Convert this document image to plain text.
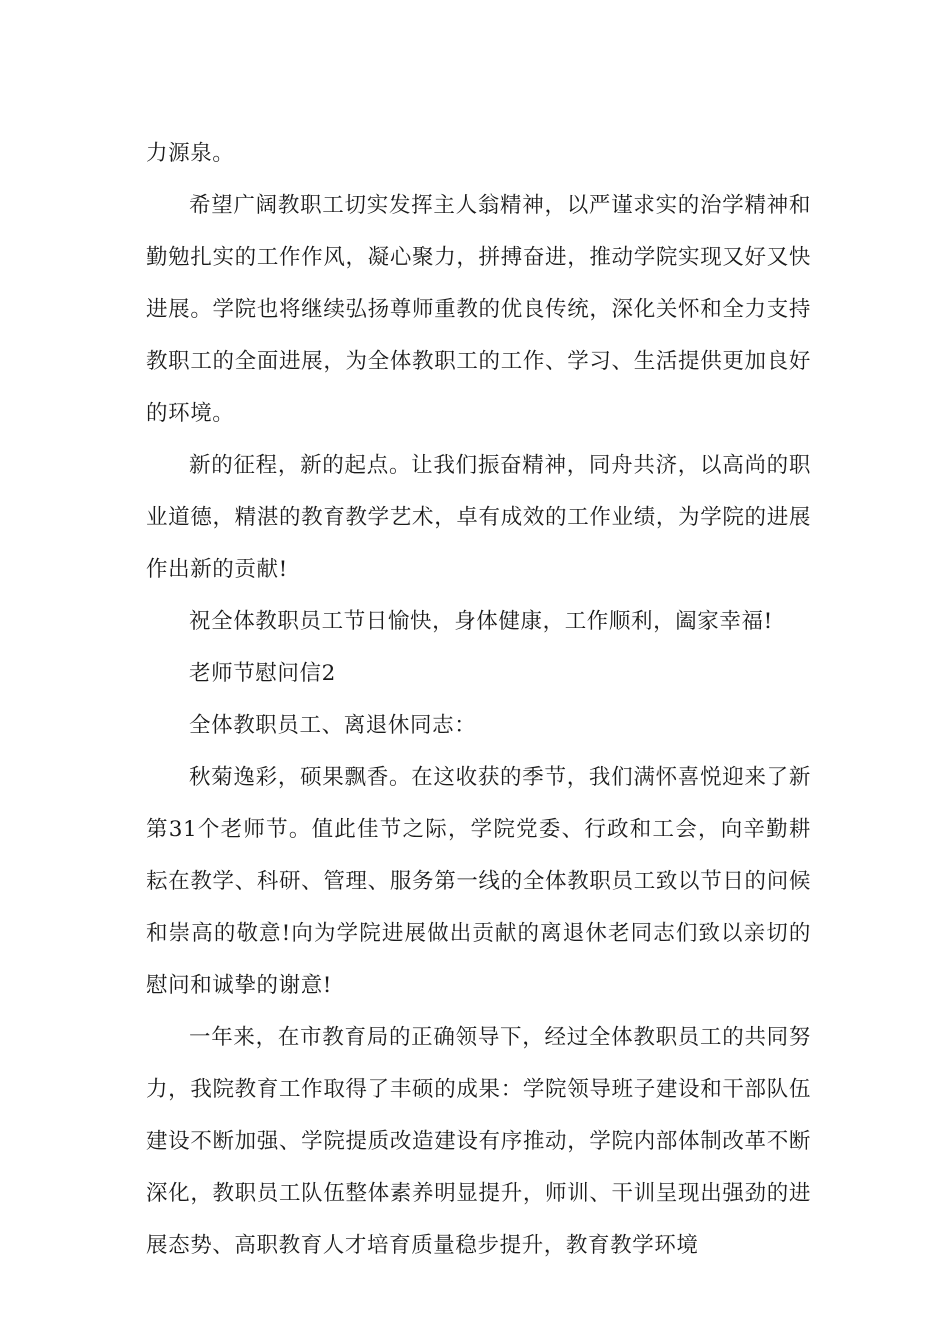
力源泉。

希望广阔教职工切实发挥主人翁精神，以严谨求实的治学精神和勤勉扎实的工作作风，凝心聚力，拼搏奋进，推动学院实现又好又快进展。学院也将继续弘扬尊师重教的优良传统，深化关怀和全力支持教职工的全面进展，为全体教职工的工作、学习、生活提供更加良好的环境。

新的征程，新的起点。让我们振奋精神，同舟共济，以高尚的职业道德，精湛的教育教学艺术，卓有成效的工作业绩，为学院的进展作出新的贡献!

祝全体教职员工节日愉快，身体健康，工作顺利，阖家幸福!

老师节慰问信2

全体教职员工、离退休同志：

秋菊逸彩，硕果飘香。在这收获的季节，我们满怀喜悦迎来了新第31个老师节。值此佳节之际，学院党委、行政和工会，向辛勤耕耘在教学、科研、管理、服务第一线的全体教职员工致以节日的问候和崇高的敬意!向为学院进展做出贡献的离退休老同志们致以亲切的慰问和诚挚的谢意!

一年来，在市教育局的正确领导下，经过全体教职员工的共同努力，我院教育工作取得了丰硕的成果：学院领导班子建设和干部队伍建设不断加强、学院提质改造建设有序推动，学院内部体制改革不断深化，教职员工队伍整体素养明显提升，师训、干训呈现出强劲的进展态势、高职教育人才培育质量稳步提升，教育教学环境
